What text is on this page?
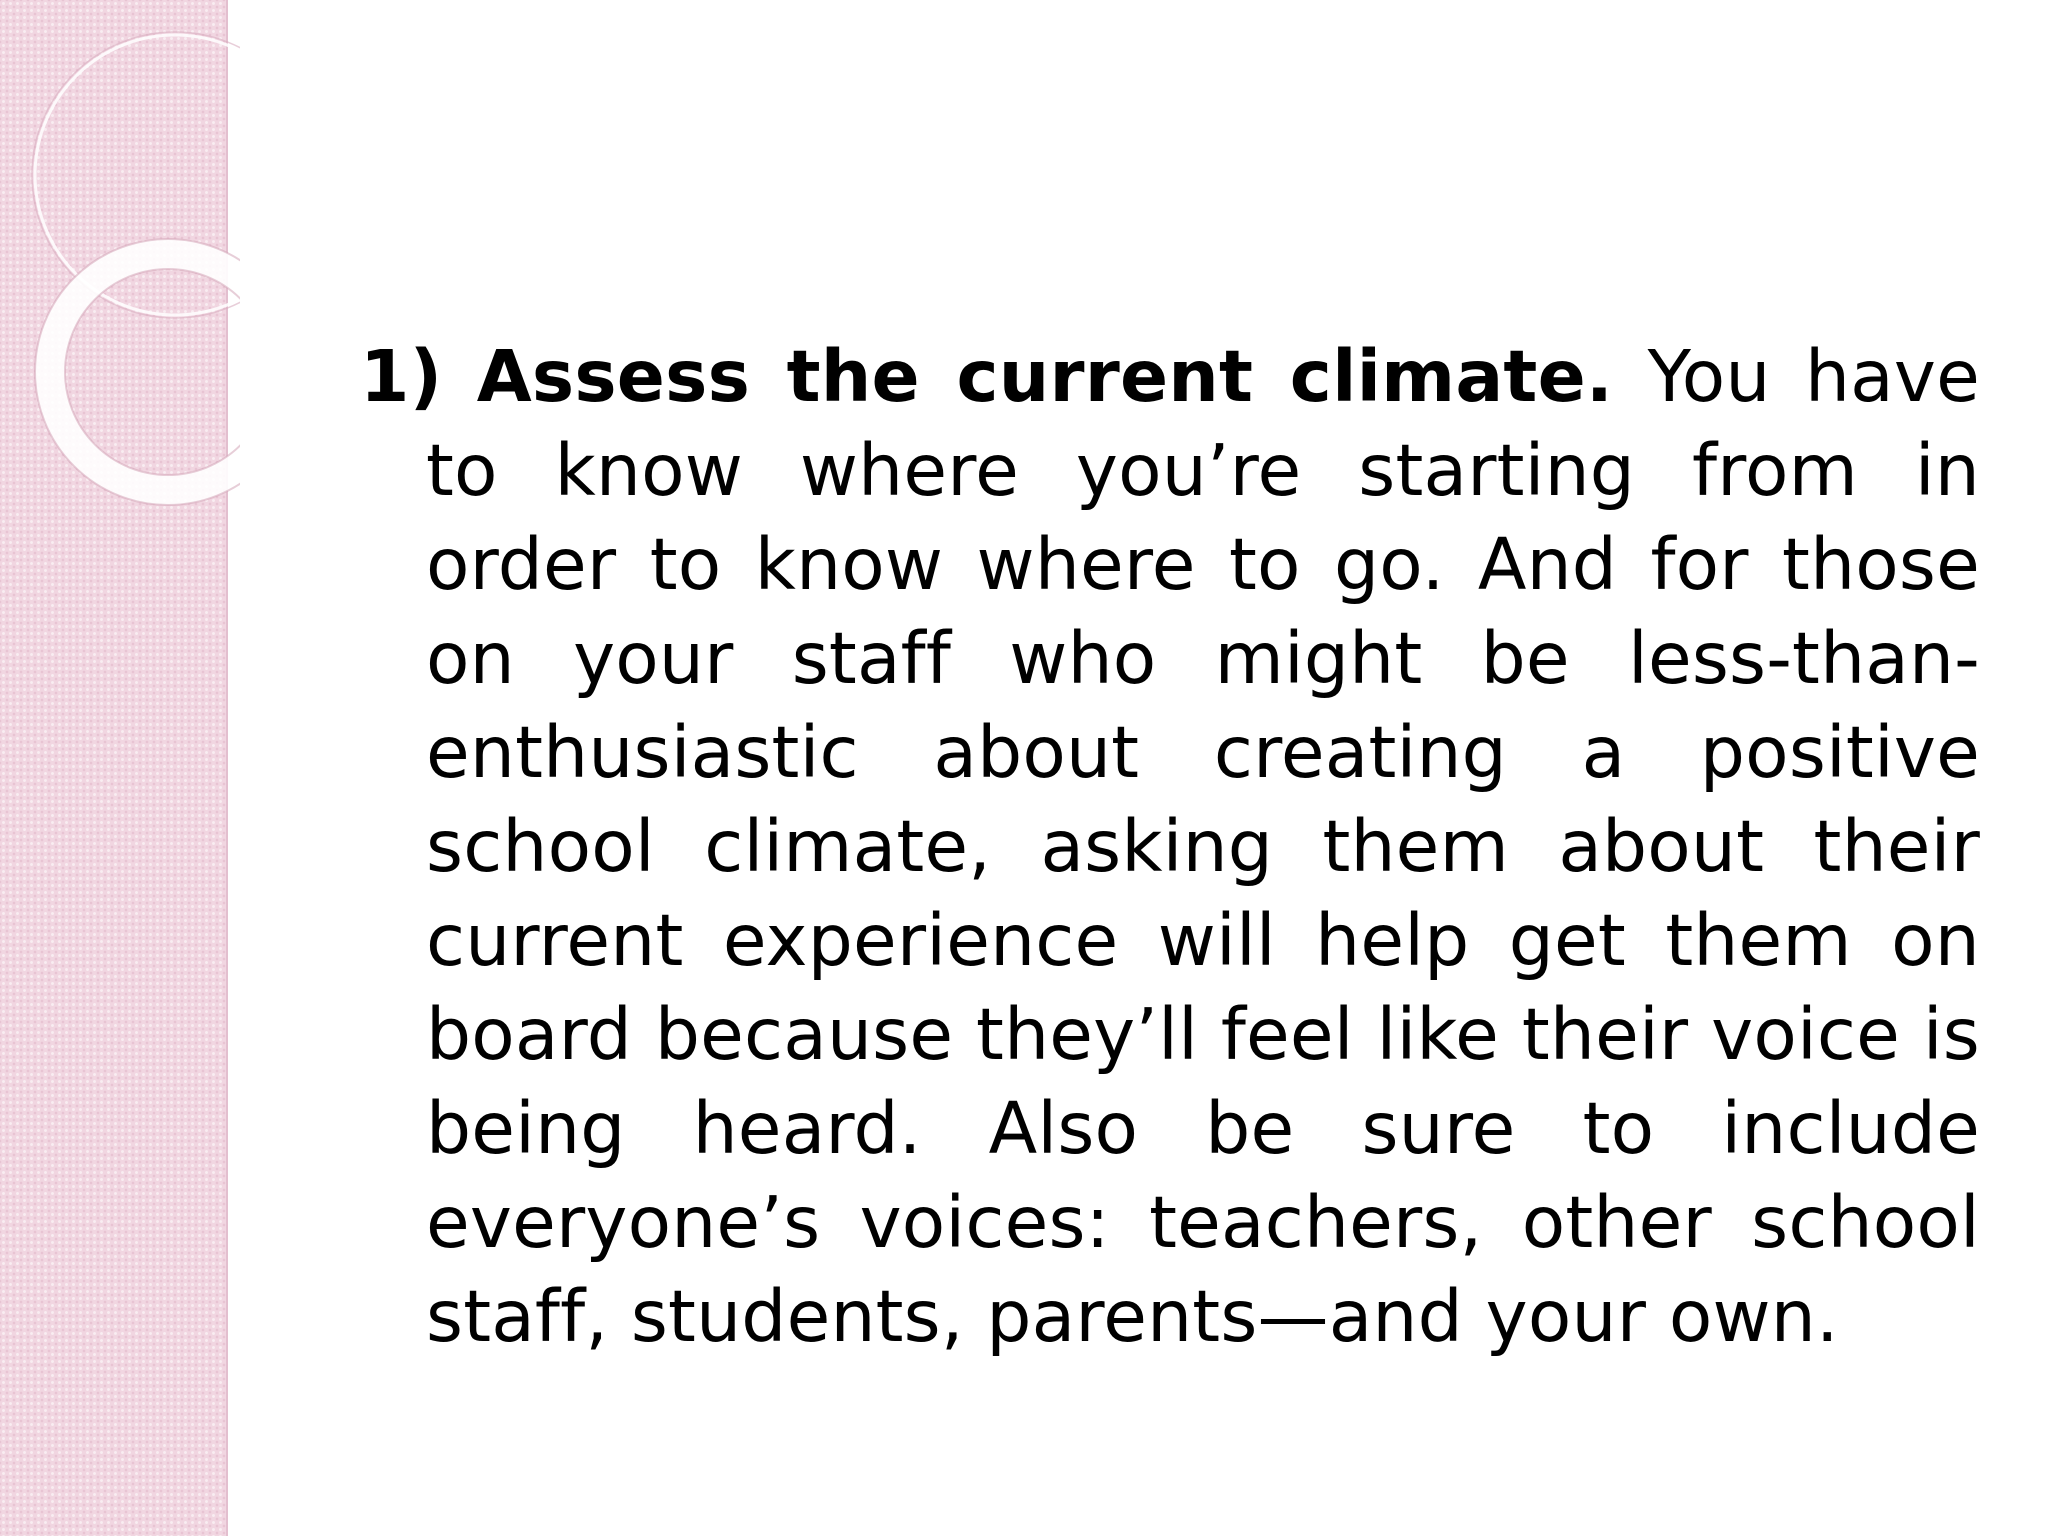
1) Assess the current climate. You have to know where you’re starting from in order to know where to go. And for those on your staff who might be less-than-enthusiastic about creating a positive school climate, asking them about their current experience will help get them on board because they’ll feel like their voice is being heard. Also be sure to include everyone’s voices: teachers, other school staff, students, parents—and your own.
